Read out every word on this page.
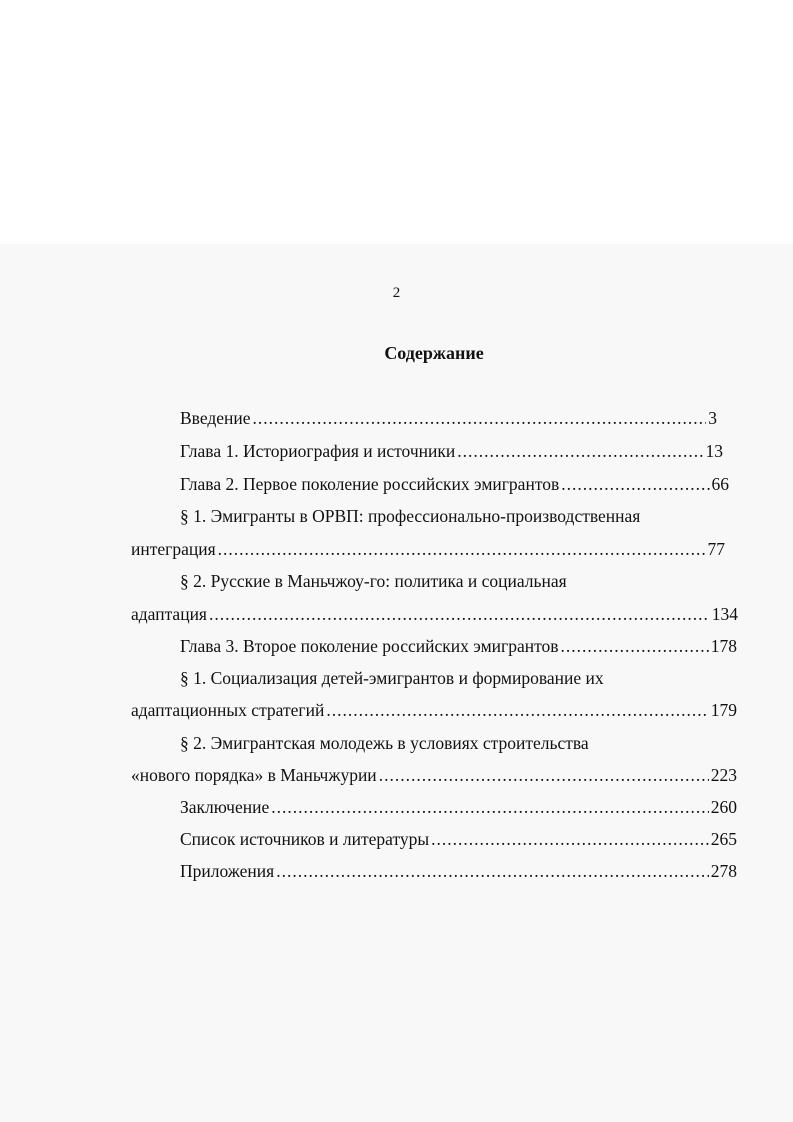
2
Содержание
Введение .....	3
Глава 1. Историография и источники .....	13
Глава 2. Первое поколение российских эмигрантов .....	66
§ 1. Эмигранты в ОРВП: профессионально-производственная
интеграция .....	77
§ 2. Русские в Маньчжоу-го: политика и социальная
адаптация .....	134
Глава 3. Второе поколение российских эмигрантов .....	178
§ 1. Социализация детей-эмигрантов и формирование их
адаптационных стратегий .....	179
§ 2. Эмигрантская молодежь в условиях строительства
«нового порядка» в Маньчжурии .....	223
Заключение .....	260
Список источников и литературы .....	265
Приложения .....	278
